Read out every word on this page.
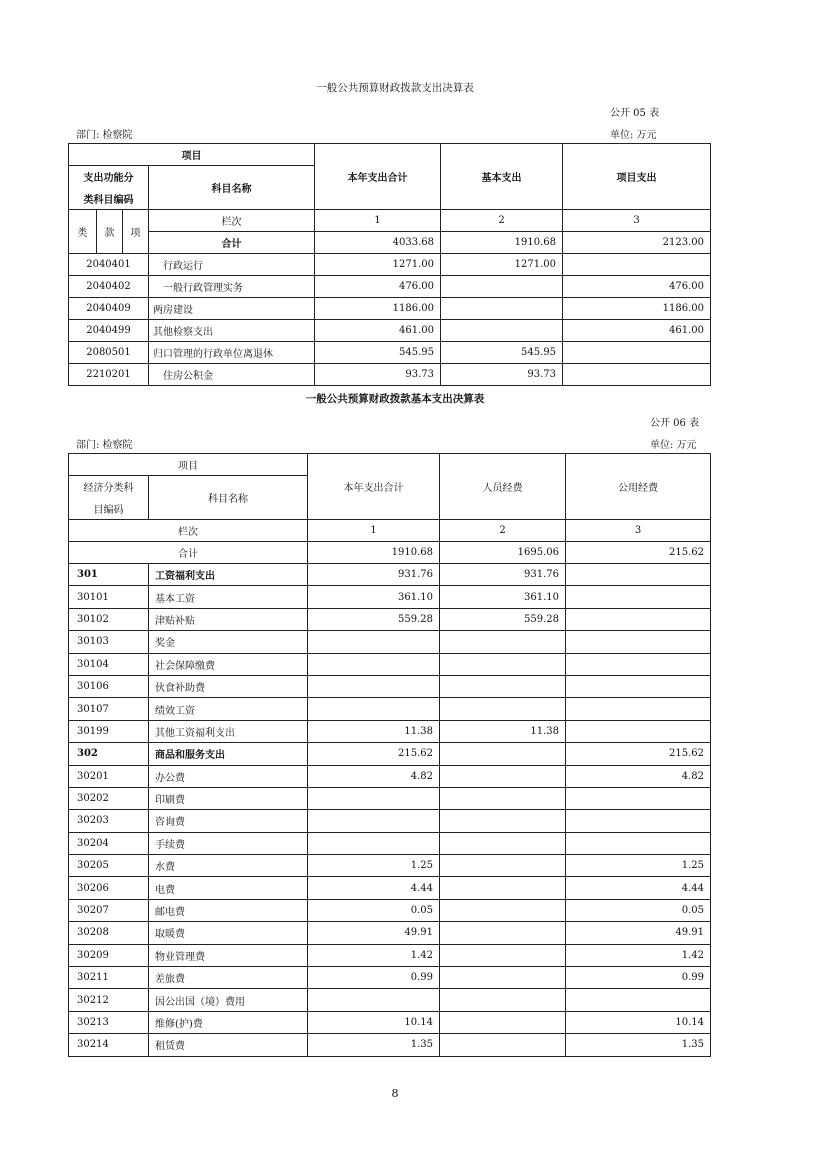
一般公共预算财政拨款支出决算表
公开 05 表
部门: 检察院	单位: 万元
项目				本年支出合计	基本支出	项目支出
支出功能分			科目名称			
类科目编码						
类	款	项	栏次	1	2	3
			合计	4033.68	1910.68	2123.00
2040401			行政运行	1271.00	1271.00	
2040402			一般行政管理实务	476.00		476.00
2040409			两房建设	1186.00		1186.00
2040499			其他检察支出	461.00		461.00
2080501			归口管理的行政单位离退休	545.95	545.95	
2210201			住房公积金	93.73	93.73	
一般公共预算财政拨款基本支出决算表
公开 06 表
部门: 检察院	单位: 万元
项目		本年支出合计	人员经费	公用经费
经济分类科	科目名称			
目编码				
栏次		1	2	3
合计		1910.68	1695.06	215.62
301	工资福利支出	931.76	931.76	
30101	基本工资	361.10	361.10	
30102	津贴补贴	559.28	559.28	
30103	奖金			
30104	社会保障缴费			
30106	伙食补助费			
30107	绩效工资			
30199	其他工资福利支出	11.38	11.38	
302	商品和服务支出	215.62		215.62
30201	办公费	4.82		4.82
30202	印刷费			
30203	咨询费			
30204	手续费			
30205	水费	1.25		1.25
30206	电费	4.44		4.44
30207	邮电费	0.05		0.05
30208	取暖费	49.91		49.91
30209	物业管理费	1.42		1.42
30211	差旅费	0.99		0.99
30212	因公出国（境）费用			
30213	维修(护)费	10.14		10.14
30214	租赁费	1.35		1.35
8
